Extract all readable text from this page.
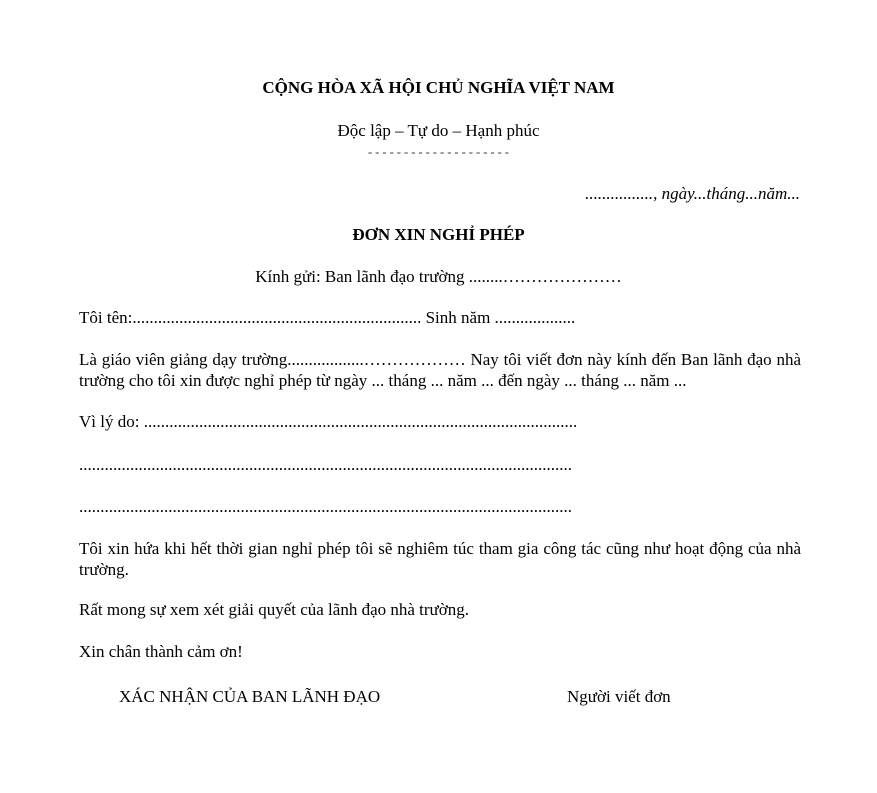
CỘNG HÒA XÃ HỘI CHỦ NGHĨA VIỆT NAM
Độc lập – Tự do – Hạnh phúc
--------------------
................, ngày...tháng...năm...
ĐƠN XIN NGHỈ PHÉP
Kính gửi: Ban lãnh đạo trường ........…………………
Tôi tên:.................................................................... Sinh năm ...................
Là giáo viên giảng dạy trường..................……………… Nay tôi viết đơn này kính đến Ban lãnh đạo nhà trường cho tôi xin được nghỉ phép từ ngày ... tháng ... năm ... đến ngày ... tháng ... năm ...
Vì lý do: ......................................................................................................
....................................................................................................................
....................................................................................................................
Tôi xin hứa khi hết thời gian nghỉ phép tôi sẽ nghiêm túc tham gia công tác cũng như hoạt động của nhà trường.
Rất mong sự xem xét giải quyết của lãnh đạo nhà trường.
Xin chân thành cảm ơn!
XÁC NHẬN CỦA BAN LÃNH ĐẠO	Người viết đơn
